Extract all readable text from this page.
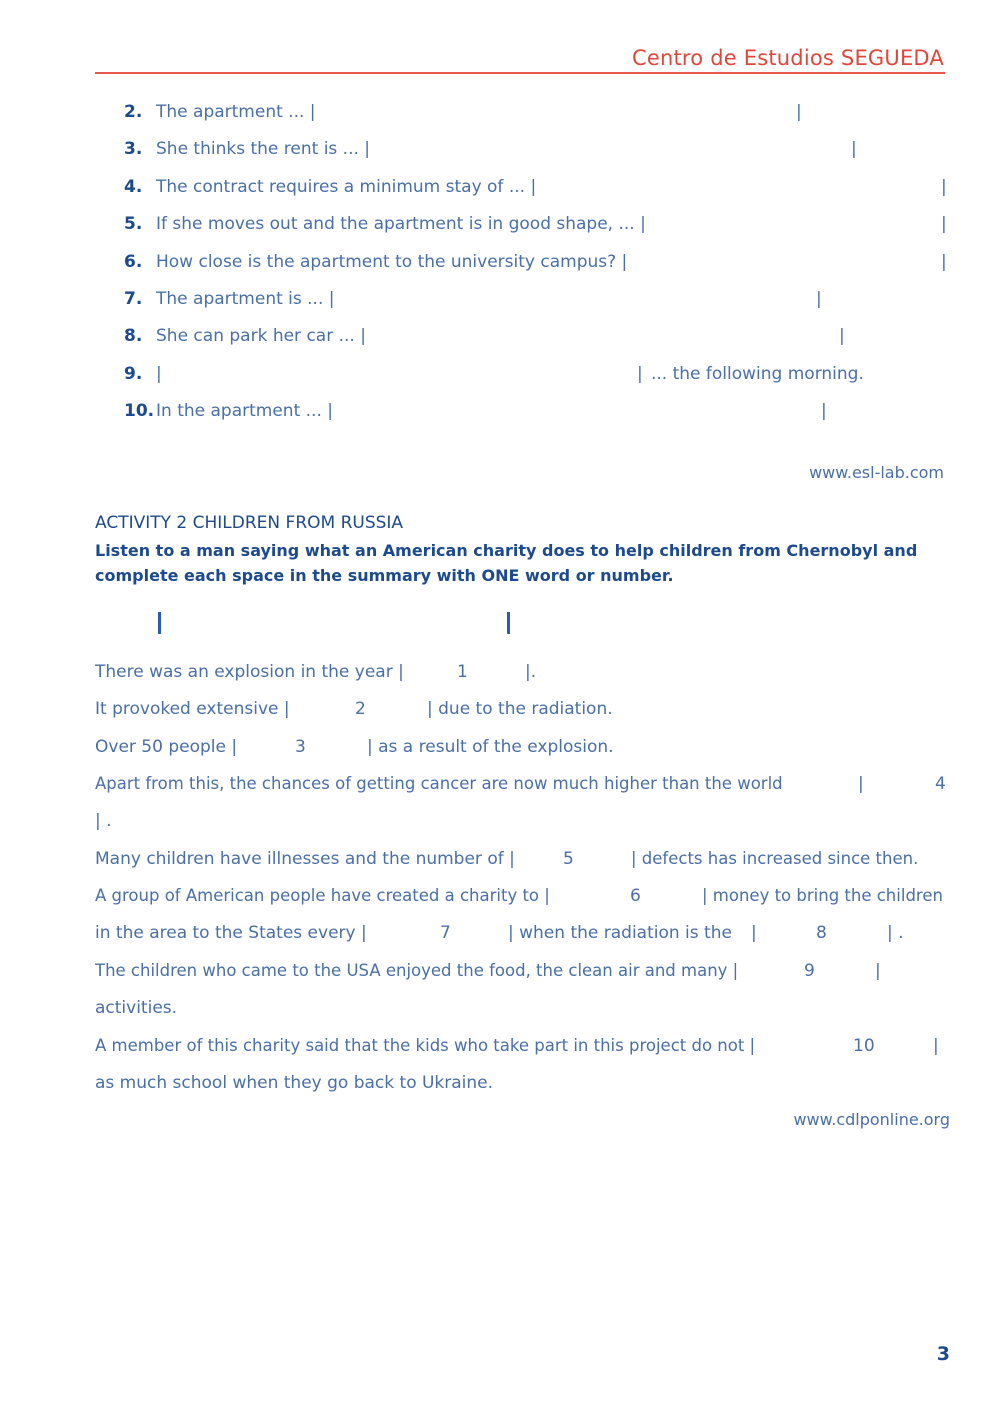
Centro de Estudios SEGUEDA
2. The apartment ... |	|
3. She thinks the rent is ... |	|
4. The contract requires a minimum stay of ... |	|
5. If she moves out and the apartment is in good shape, ... |	|
6. How close is the apartment to the university campus? |	|
7. The apartment is ... |	|
8. She can park her car ... |	|
9. |	| ... the following morning.
10. In the apartment ... |	|
www.esl-lab.com
ACTIVITY 2 CHILDREN FROM RUSSIA
Listen to a man saying what an American charity does to help children from Chernobyl and complete each space in the summary with ONE word or number.
There was an explosion in the year |	1	|.
It provoked extensive |	2	| due to the radiation.
Over 50 people |	3	| as a result of the explosion.
Apart from this, the chances of getting cancer are now much higher than the world	|	4
| .
Many children have illnesses and the number of |	5	| defects has increased since then.
A group of American people have created a charity to |	6	| money to bring the children
in the area to the States every |	7	| when the radiation is the |	8	| .
The children who came to the USA enjoyed the food, the clean air and many |	9	|
activities.
A member of this charity said that the kids who take part in this project do not |	10	|
as much school when they go back to Ukraine.
www.cdlponline.org
3
